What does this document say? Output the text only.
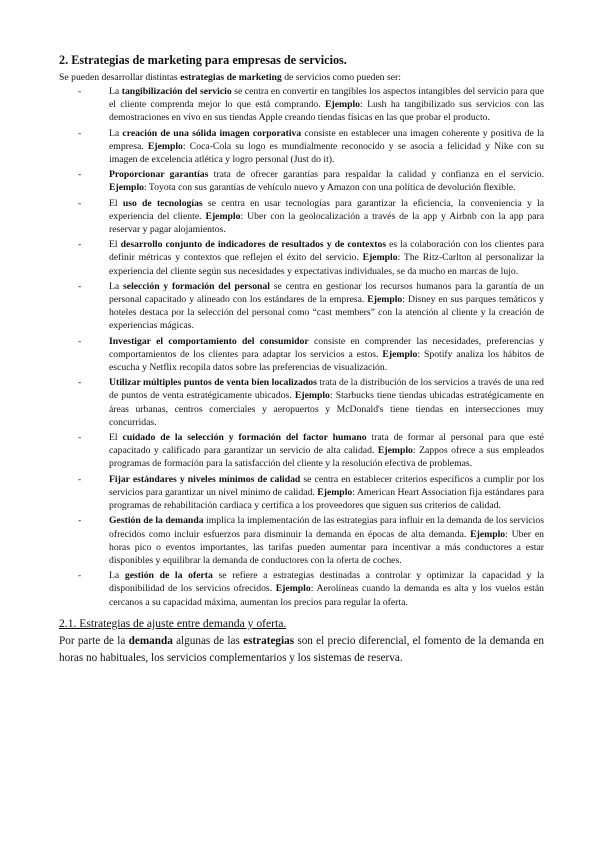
2. Estrategias de marketing para empresas de servicios.

Se pueden desarrollar distintas estrategias de marketing de servicios como pueden ser:

-	La tangibilización del servicio se centra en convertir en tangibles los aspectos intangibles del servicio para que el cliente comprenda mejor lo que está comprando. Ejemplo: Lush ha tangibilizado sus servicios con las demostraciones en vivo en sus tiendas Apple creando tiendas físicas en las que probar el producto.
-	La creación de una sólida imagen corporativa consiste en establecer una imagen coherente y positiva de la empresa. Ejemplo: Coca-Cola su logo es mundialmente reconocido y se asocia a felicidad y Nike con su imagen de excelencia atlética y logro personal (Just do it).
-	Proporcionar garantías trata de ofrecer garantías para respaldar la calidad y confianza en el servicio. Ejemplo: Toyota con sus garantías de vehículo nuevo y Amazon con una política de devolución flexible.
-	El uso de tecnologías se centra en usar tecnologías para garantizar la eficiencia, la conveniencia y la experiencia del cliente. Ejemplo: Uber con la geolocalización a través de la app y Airbnb con la app para reservar y pagar alojamientos.
-	El desarrollo conjunto de indicadores de resultados y de contextos es la colaboración con los clientes para definir métricas y contextos que reflejen el éxito del servicio. Ejemplo: The Ritz-Carlton al personalizar la experiencia del cliente según sus necesidades y expectativas individuales, se da mucho en marcas de lujo.
-	La selección y formación del personal se centra en gestionar los recursos humanos para la garantía de un personal capacitado y alineado con los estándares de la empresa. Ejemplo: Disney en sus parques temáticos y hoteles destaca por la selección del personal como “cast members” con la atención al cliente y la creación de experiencias mágicas.
-	Investigar el comportamiento del consumidor consiste en comprender las necesidades, preferencias y comportamientos de los clientes para adaptar los servicios a estos. Ejemplo: Spotify analiza los hábitos de escucha y Netflix recopila datos sobre las preferencias de visualización.
-	Utilizar múltiples puntos de venta bien localizados trata de la distribución de los servicios a través de una red de puntos de venta estratégicamente ubicados. Ejemplo: Starbucks tiene tiendas ubicadas estratégicamente en áreas urbanas, centros comerciales y aeropuertos y McDonald's tiene tiendas en intersecciones muy concurridas.
-	El cuidado de la selección y formación del factor humano trata de formar al personal para que esté capacitado y calificado para garantizar un servicio de alta calidad. Ejemplo: Zappos ofrece a sus empleados programas de formación para la satisfacción del cliente y la resolución efectiva de problemas.
-	Fijar estándares y niveles mínimos de calidad se centra en establecer criterios específicos a cumplir por los servicios para garantizar un nivel mínimo de calidad. Ejemplo: American Heart Association fija estándares para programas de rehabilitación cardiaca y certifica a los proveedores que siguen sus criterios de calidad.
-	Gestión de la demanda implica la implementación de las estrategias para influir en la demanda de los servicios ofrecidos como incluir esfuerzos para disminuir la demanda en épocas de alta demanda. Ejemplo: Uber en horas pico o eventos importantes, las tarifas pueden aumentar para incentivar a más conductores a estar disponibles y equilibrar la demanda de conductores con la oferta de coches.
-	La gestión de la oferta se refiere a estrategias destinadas a controlar y optimizar la capacidad y la disponibilidad de los servicios ofrecidos. Ejemplo: Aerolíneas cuando la demanda es alta y los vuelos están cercanos a su capacidad máxima, aumentan los precios para regular la oferta.
2.1. Estrategias de ajuste entre demanda y oferta.

Por parte de la demanda algunas de las estrategias son el precio diferencial, el fomento de la demanda en horas no habituales, los servicios complementarios y los sistemas de reserva.
